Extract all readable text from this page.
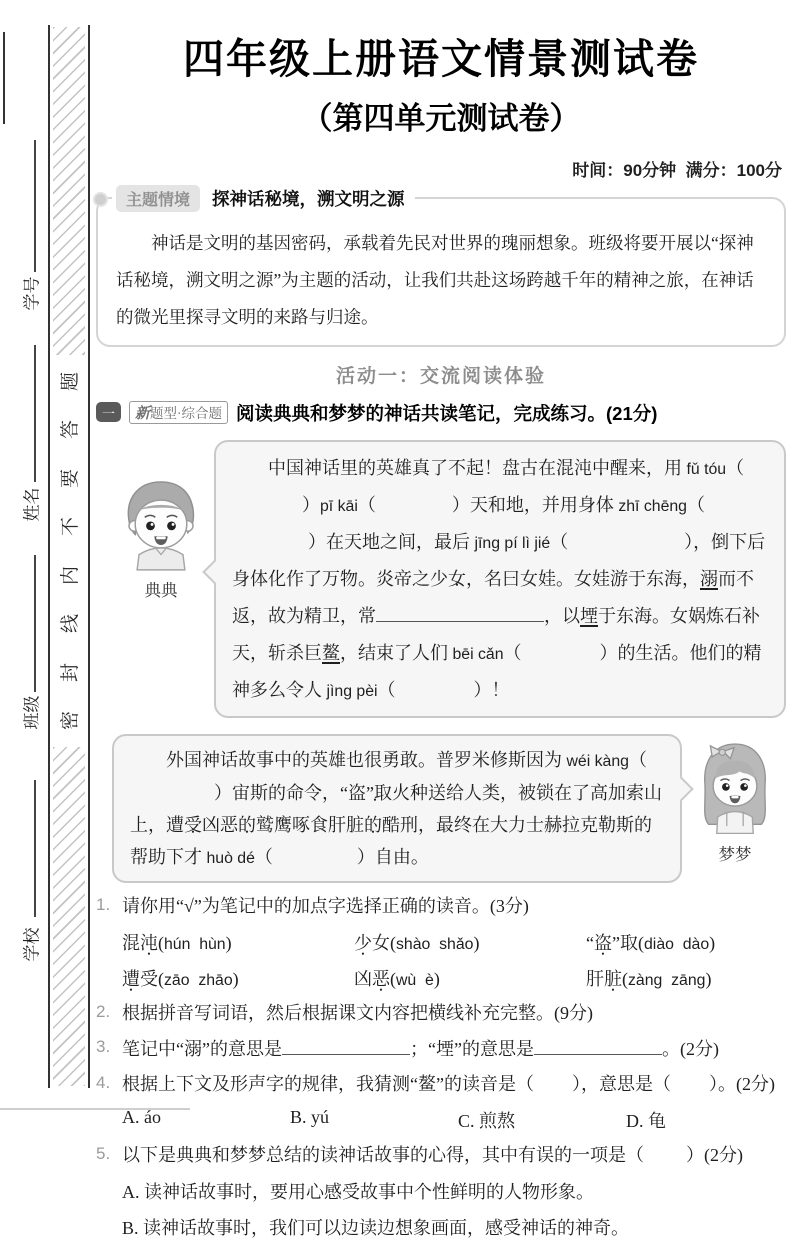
学号
姓名
班级
学校
题
答
要
不
内
线
封
密
四年级上册语文情景测试卷
（第四单元测试卷）
时间：90分钟  满分：100分
主题情境	探神话秘境，溯文明之源

神话是文明的基因密码，承载着先民对世界的瑰丽想象。班级将要开展以“探神话秘境，溯文明之源”为主题的活动，让我们共赴这场跨越千年的精神之旅，在神话的微光里探寻文明的来路与归途。

活动一：交流阅读体验
一	新题型·综合题 阅读典典和梦梦的神话共读笔记，完成练习。(21分)
典典
中国神话里的英雄真了不起！盘古在混沌中醒来，用 fǔ tóu（）pī kāi（	）天和地，并用身体 zhī chēng（）在天地之间，最后 jīng pí lì jié（	），倒下后身体化作了万物。炎帝之少女，名曰女娃。女娃游于东海，溺而不返，故为精卫，常	，以堙于东海。女娲炼石补天，斩杀巨鳌，结束了人们 bēi cǎn（	）的生活。他们的精神多么令人 jìng pèi（	）！
梦梦
外国神话故事中的英雄也很勇敢。普罗米修斯因为 wéi kàng（）宙斯的命令，“盗”取火种送给人类，被锁在了高加索山上，遭受凶恶的鹫鹰啄食肝脏的酷刑，最终在大力士赫拉克勒斯的帮助下才 huò dé（	）自由。
1. 请你用“√”为笔记中的加点字选择正确的读音。(3分)
混沌(hún  hùn)	少女(shào  shǎo)	“盗”取(diào  dào)
遭受(zāo  zhāo)	凶恶(wù  è)	肝脏(zàng  zāng)
2. 根据拼音写词语，然后根据课文内容把横线补充完整。(9分)
3. 笔记中“溺”的意思是	；“堙”的意思是	。(2分)
4. 根据上下文及形声字的规律，我猜测“鳌”的读音是（ ），意思是（ ）。(2分)
A. áo	B. yú	C. 煎熬	D. 龟
5. 以下是典典和梦梦总结的读神话故事的心得，其中有误的一项是（ ）(2分)
A. 读神话故事时，要用心感受故事中个性鲜明的人物形象。
B. 读神话故事时，我们可以边读边想象画面，感受神话的神奇。
